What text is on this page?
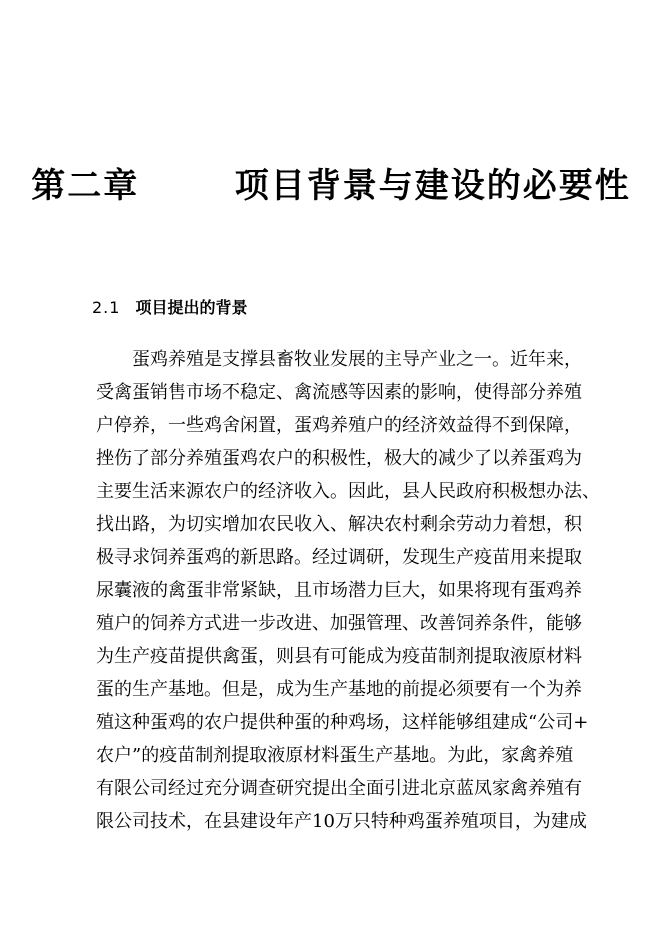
第二章   项目背景与建设的必要性
2.1 项目提出的背景
蛋鸡养殖是支撑县畜牧业发展的主导产业之一。近年来，
受禽蛋销售市场不稳定、禽流感等因素的影响，使得部分养殖
户停养，一些鸡舍闲置，蛋鸡养殖户的经济效益得不到保障，
挫伤了部分养殖蛋鸡农户的积极性，极大的减少了以养蛋鸡为
主要生活来源农户的经济收入。因此，县人民政府积极想办法、
找出路，为切实增加农民收入、解决农村剩余劳动力着想，积
极寻求饲养蛋鸡的新思路。经过调研，发现生产疫苗用来提取
尿囊液的禽蛋非常紧缺，且市场潜力巨大，如果将现有蛋鸡养
殖户的饲养方式进一步改进、加强管理、改善饲养条件，能够
为生产疫苗提供禽蛋，则县有可能成为疫苗制剂提取液原材料
蛋的生产基地。但是，成为生产基地的前提必须要有一个为养
殖这种蛋鸡的农户提供种蛋的种鸡场，这样能够组建成“公司+
农户”的疫苗制剂提取液原材料蛋生产基地。为此，家禽养殖
有限公司经过充分调查研究提出全面引进北京蓝凤家禽养殖有
限公司技术，在县建设年产10万只特种鸡蛋养殖项目，为建成
